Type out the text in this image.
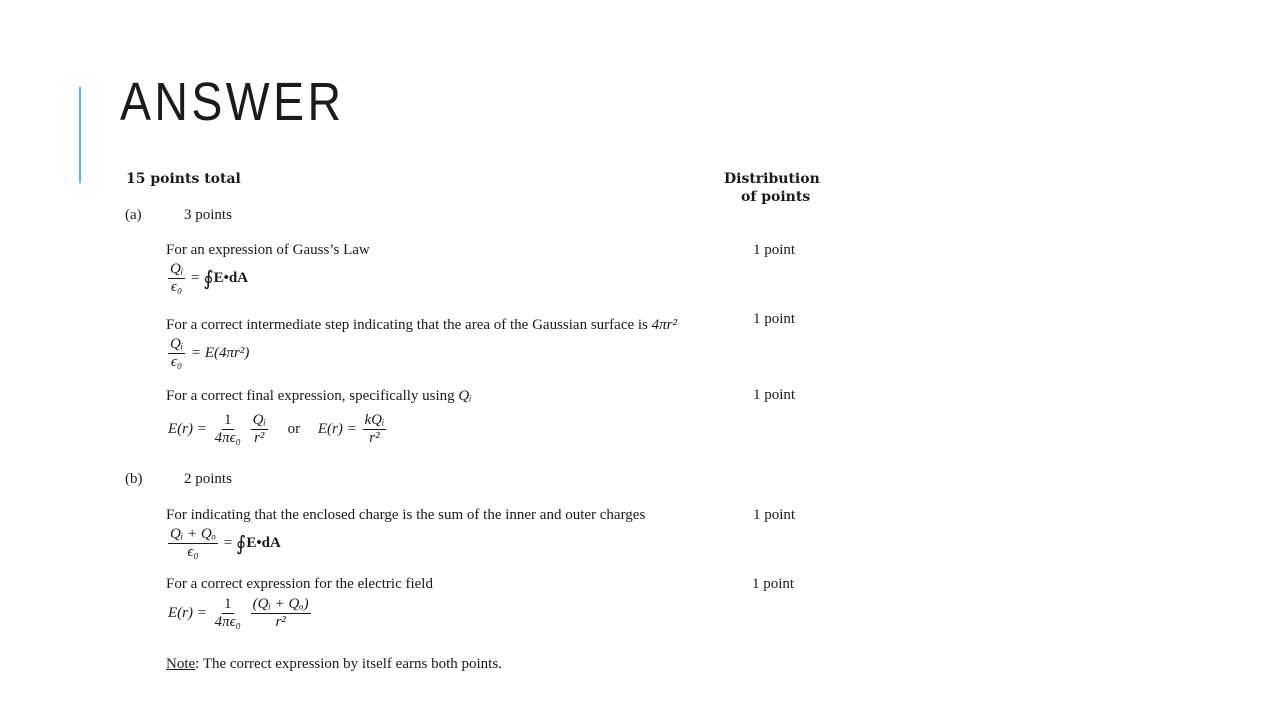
ANSWER
15 points total	Distribution
of points
(a)	3 points
For an expression of Gauss’s Law	1 point
$\frac{\text{Qᵢ}}{\text{ϵ₀}}$ = ∮E•dA
For a correct intermediate step indicating that the area of the Gaussian surface is 4πr²	1 point
$\frac{\text{Qᵢ}}{\text{ϵ₀}} = E(4\pi r^2)$
For a correct final expression, specifically using Qᵢ	1 point
$E(r) = \frac{1}{\text{4πϵ₀}}$
$\frac{\text{Qᵢ}}{\text{r²}}$ or $E(r) = \frac{\text{kQᵢ}}{\text{r²}}$
(b)	2 points
For indicating that the enclosed charge is the sum of the inner and outer charges	1 point
$\frac{\text{Qᵢ + Qₒ}}{\text{ϵ₀}}$ = ∮E•dA
For a correct expression for the electric field	1 point
$E(r) = \frac{1}{\text{4πϵ₀}}$
$\frac{\text{(Qᵢ + Qₒ)}}{\text{r²}}$
Note: The correct expression by itself earns both points.
